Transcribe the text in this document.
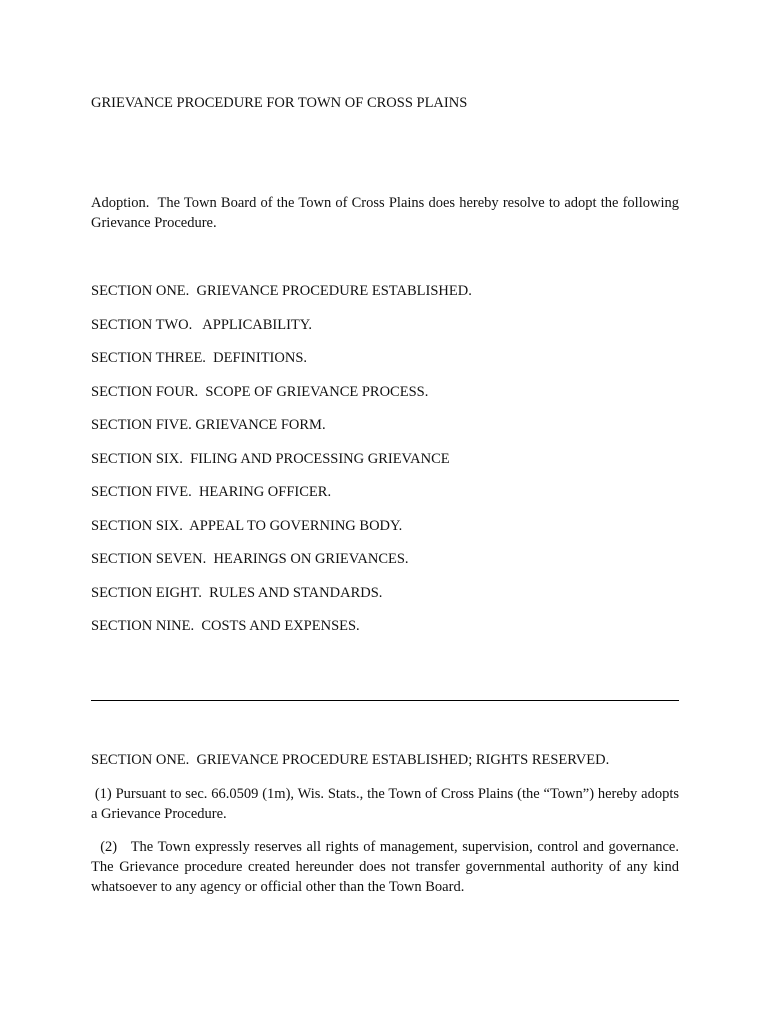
GRIEVANCE PROCEDURE FOR TOWN OF CROSS PLAINS

Adoption.  The Town Board of the Town of Cross Plains does hereby resolve to adopt the following Grievance Procedure.

SECTION ONE.  GRIEVANCE PROCEDURE ESTABLISHED.
SECTION TWO.   APPLICABILITY.
SECTION THREE.  DEFINITIONS.
SECTION FOUR.  SCOPE OF GRIEVANCE PROCESS.
SECTION FIVE. GRIEVANCE FORM.
SECTION SIX.  FILING AND PROCESSING GRIEVANCE
SECTION FIVE.  HEARING OFFICER.
SECTION SIX.  APPEAL TO GOVERNING BODY.
SECTION SEVEN.  HEARINGS ON GRIEVANCES.
SECTION EIGHT.  RULES AND STANDARDS.
SECTION NINE.  COSTS AND EXPENSES.
SECTION ONE.  GRIEVANCE PROCEDURE ESTABLISHED; RIGHTS RESERVED.

(1) Pursuant to sec. 66.0509 (1m), Wis. Stats., the Town of Cross Plains (the “Town”) hereby adopts a Grievance Procedure.

(2)   The Town expressly reserves all rights of management, supervision, control and governance.  The Grievance procedure created hereunder does not transfer governmental authority of any kind whatsoever to any agency or official other than the Town Board.
